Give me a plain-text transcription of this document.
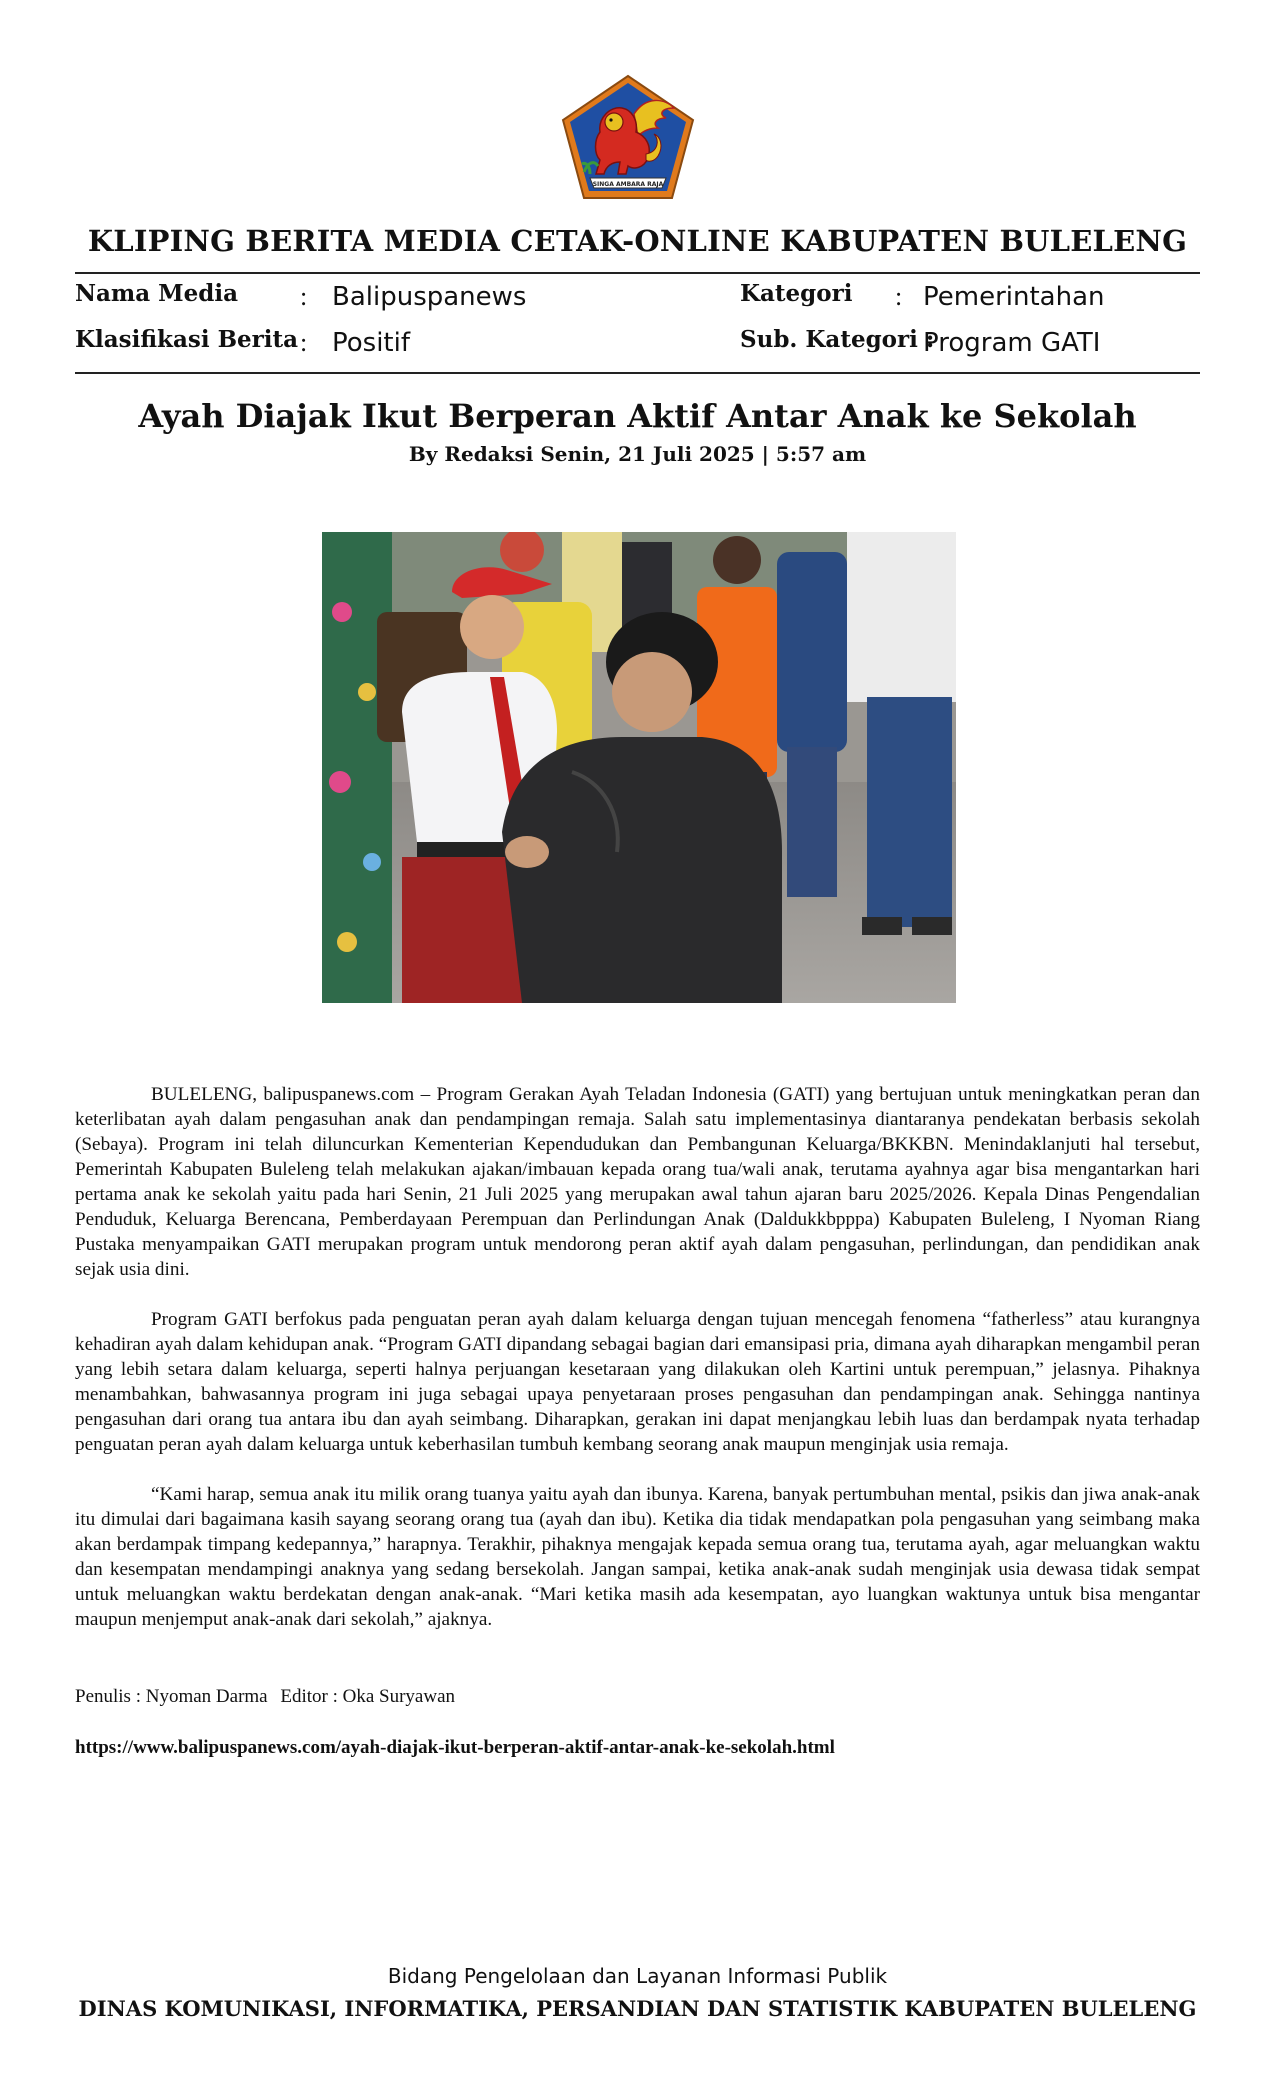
SINGA AMBARA RAJA
KLIPING BERITA MEDIA CETAK-ONLINE KABUPATEN BULELENG
Nama Media : Balipuspanews
Klasifikasi Berita : Positif
Kategori : Pemerintahan
Sub. Kategori :
Program GATI
Ayah Diajak Ikut Berperan Aktif Antar Anak ke Sekolah
By Redaksi Senin, 21 Juli 2025 | 5:57 am

BULELENG, balipuspanews.com – Program Gerakan Ayah Teladan Indonesia (GATI) yang bertujuan untuk meningkatkan peran dan keterlibatan ayah dalam pengasuhan anak dan pendampingan remaja. Salah satu implementasinya diantaranya pendekatan berbasis sekolah (Sebaya). Program ini telah diluncurkan Kementerian Kependudukan dan Pembangunan Keluarga/BKKBN. Menindaklanjuti hal tersebut, Pemerintah Kabupaten Buleleng telah melakukan ajakan/imbauan kepada orang tua/wali anak, terutama ayahnya agar bisa mengantarkan hari pertama anak ke sekolah yaitu pada hari Senin, 21 Juli 2025 yang merupakan awal tahun ajaran baru 2025/2026. Kepala Dinas Pengendalian Penduduk, Keluarga Berencana, Pemberdayaan Perempuan dan Perlindungan Anak (Daldukkbpppa) Kabupaten Buleleng, I Nyoman Riang Pustaka menyampaikan GATI merupakan program untuk mendorong peran aktif ayah dalam pengasuhan, perlindungan, dan pendidikan anak sejak usia dini.

Program GATI berfokus pada penguatan peran ayah dalam keluarga dengan tujuan mencegah fenomena “fatherless” atau kurangnya kehadiran ayah dalam kehidupan anak. “Program GATI dipandang sebagai bagian dari emansipasi pria, dimana ayah diharapkan mengambil peran yang lebih setara dalam keluarga, seperti halnya perjuangan kesetaraan yang dilakukan oleh Kartini untuk perempuan,” jelasnya. Pihaknya menambahkan, bahwasannya program ini juga sebagai upaya penyetaraan proses pengasuhan dan pendampingan anak. Sehingga nantinya pengasuhan dari orang tua antara ibu dan ayah seimbang. Diharapkan, gerakan ini dapat menjangkau lebih luas dan berdampak nyata terhadap penguatan peran ayah dalam keluarga untuk keberhasilan tumbuh kembang seorang anak maupun menginjak usia remaja.

“Kami harap, semua anak itu milik orang tuanya yaitu ayah dan ibunya. Karena, banyak pertumbuhan mental, psikis dan jiwa anak-anak itu dimulai dari bagaimana kasih sayang seorang orang tua (ayah dan ibu). Ketika dia tidak mendapatkan pola pengasuhan yang seimbang maka akan berdampak timpang kedepannya,” harapnya. Terakhir, pihaknya mengajak kepada semua orang tua, terutama ayah, agar meluangkan waktu dan kesempatan mendampingi anaknya yang sedang bersekolah. Jangan sampai, ketika anak-anak sudah menginjak usia dewasa tidak sempat untuk meluangkan waktu berdekatan dengan anak-anak. “Mari ketika masih ada kesempatan, ayo luangkan waktunya untuk bisa mengantar maupun menjemput anak-anak dari sekolah,” ajaknya.

Penulis : Nyoman Darma Editor : Oka Suryawan
https://www.balipuspanews.com/ayah-diajak-ikut-berperan-aktif-antar-anak-ke-sekolah.html
Bidang Pengelolaan dan Layanan Informasi Publik
DINAS KOMUNIKASI, INFORMATIKA, PERSANDIAN DAN STATISTIK KABUPATEN BULELENG
